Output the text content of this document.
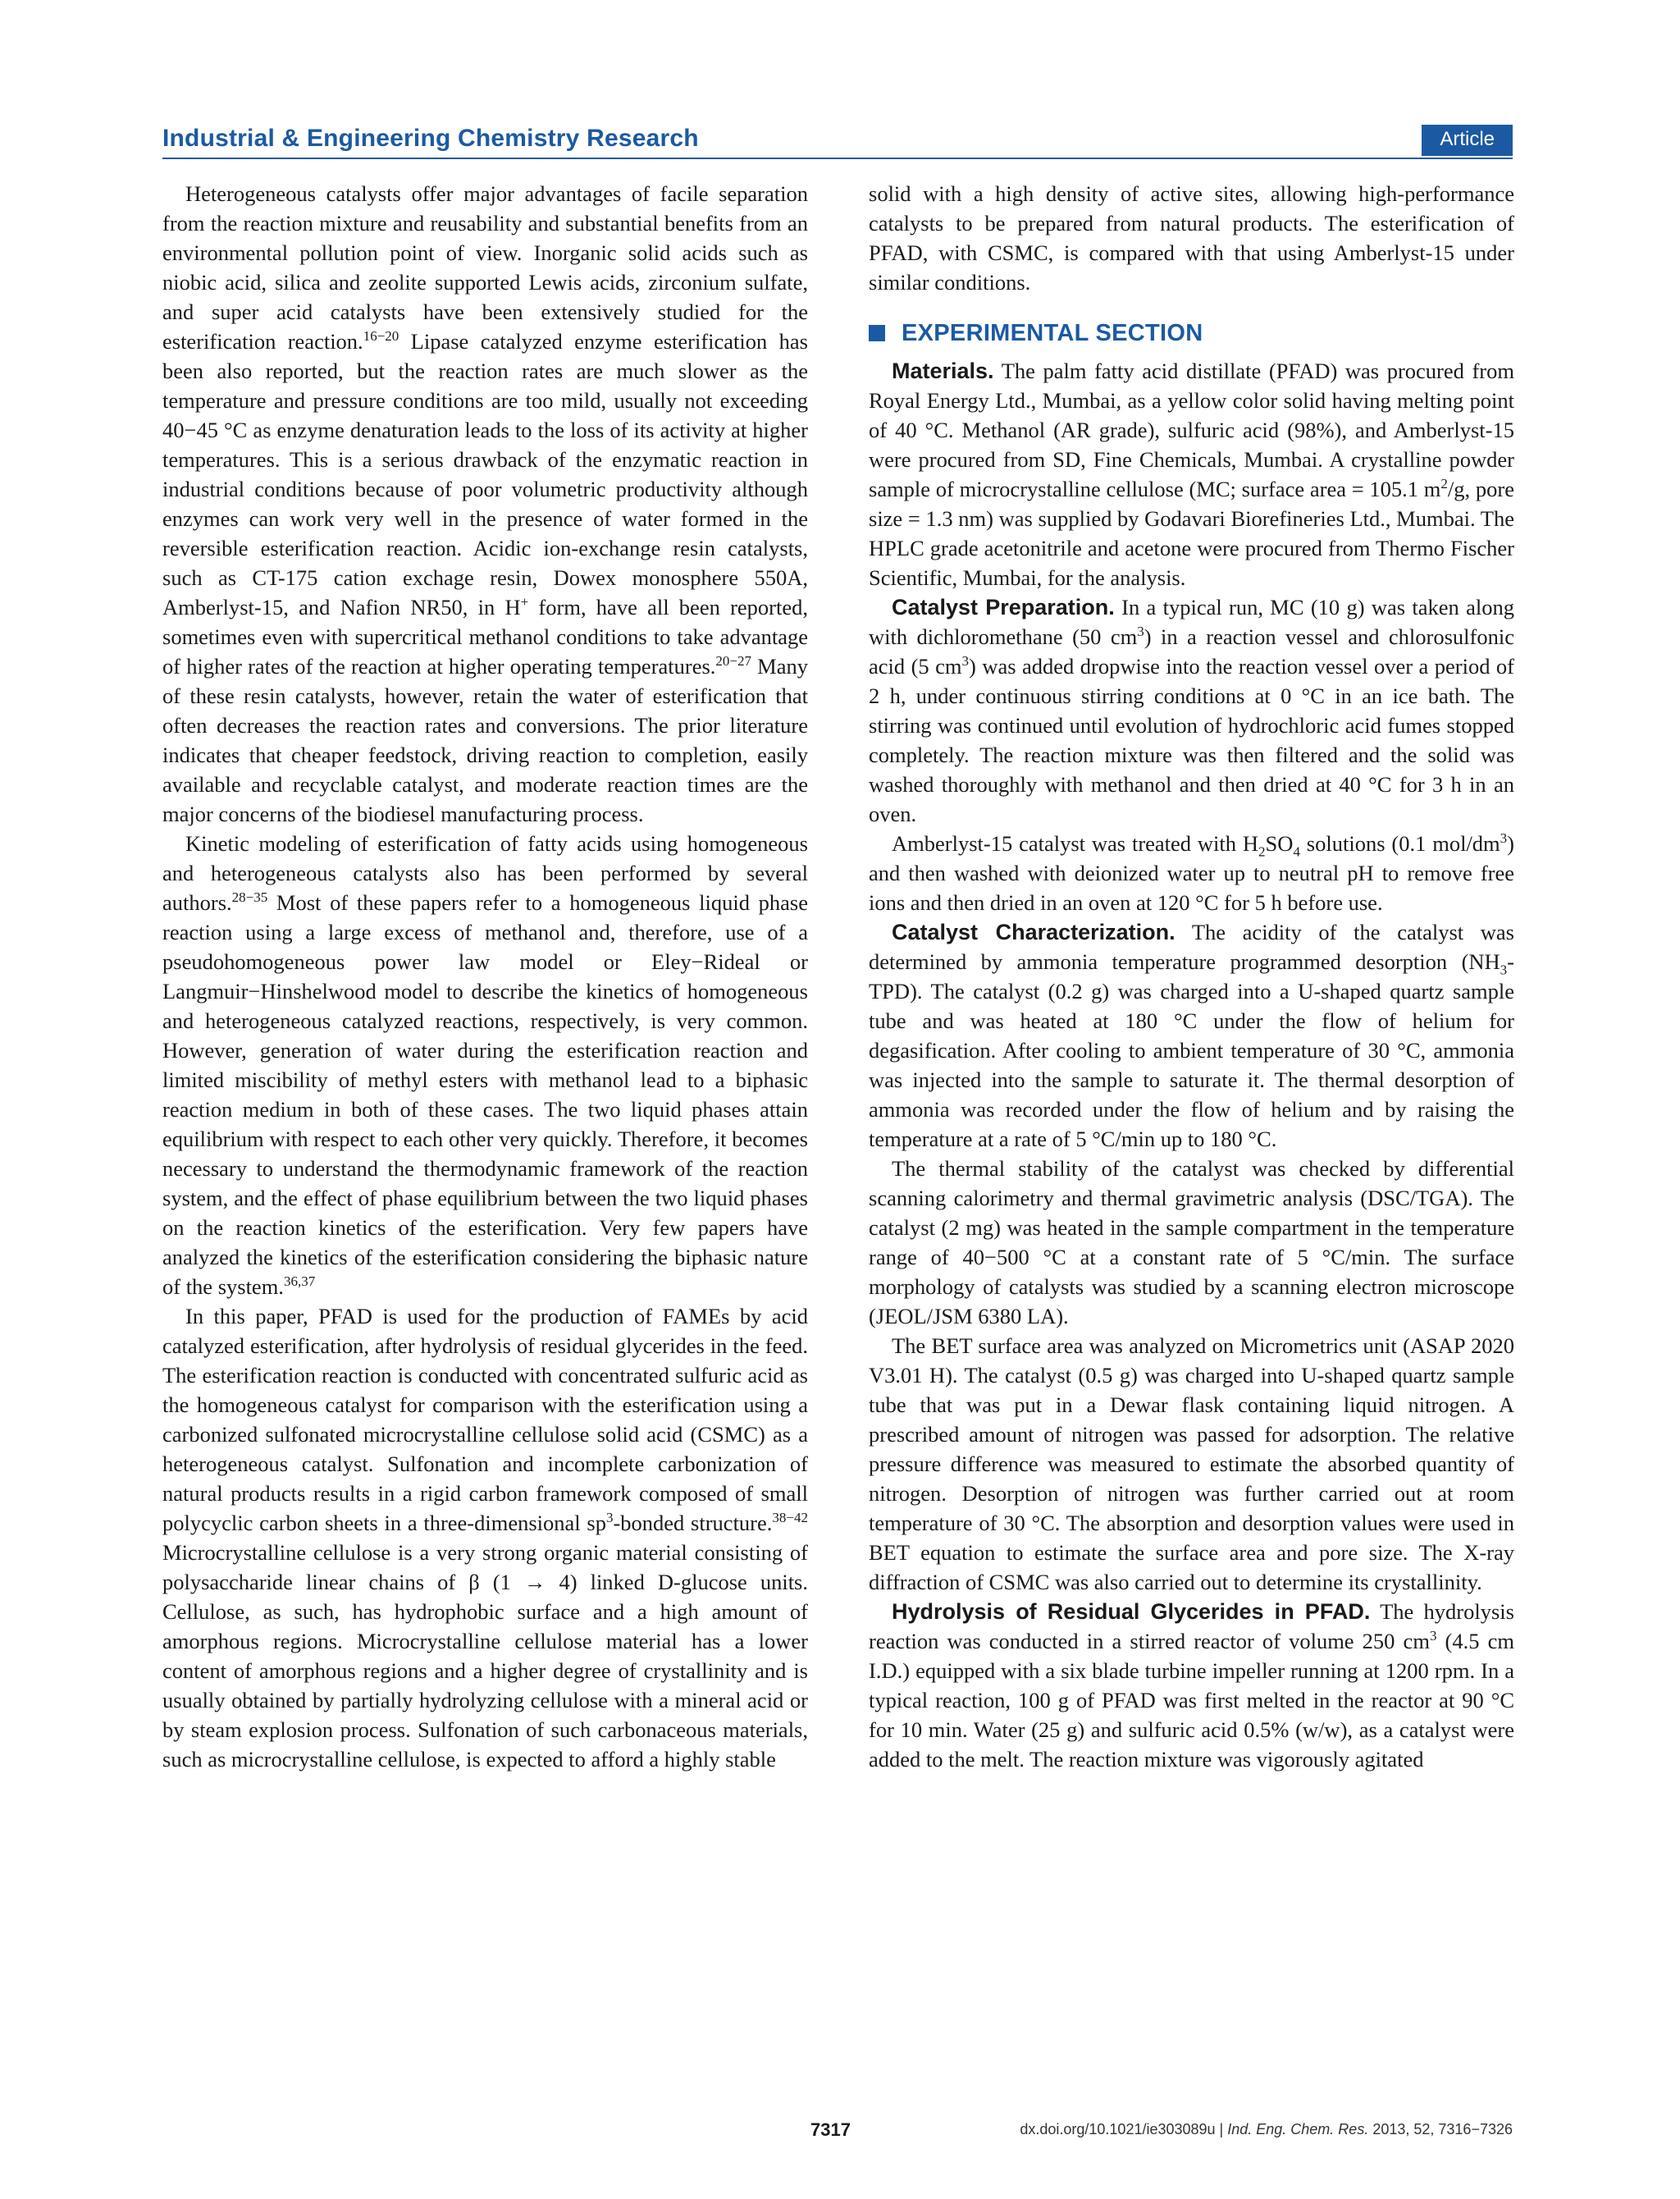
Industrial & Engineering Chemistry Research	Article

Heterogeneous catalysts offer major advantages of facile separation from the reaction mixture and reusability and substantial benefits from an environmental pollution point of view. Inorganic solid acids such as niobic acid, silica and zeolite supported Lewis acids, zirconium sulfate, and super acid catalysts have been extensively studied for the esterification reaction.$^{16-20}$ Lipase catalyzed enzyme esterification has been also reported, but the reaction rates are much slower as the temperature and pressure conditions are too mild, usually not exceeding 40−45 °C as enzyme denaturation leads to the loss of its activity at higher temperatures. This is a serious drawback of the enzymatic reaction in industrial conditions because of poor volumetric productivity although enzymes can work very well in the presence of water formed in the reversible esterification reaction. Acidic ion-exchange resin catalysts, such as CT-175 cation exchage resin, Dowex monosphere 550A, Amberlyst-15, and Nafion NR50, in H+ form, have all been reported, sometimes even with supercritical methanol conditions to take advantage of higher rates of the reaction at higher operating temperatures.$^{20-27}$ Many of these resin catalysts, however, retain the water of esterification that often decreases the reaction rates and conversions. The prior literature indicates that cheaper feedstock, driving reaction to completion, easily available and recyclable catalyst, and moderate reaction times are the major concerns of the biodiesel manufacturing process.

Kinetic modeling of esterification of fatty acids using homogeneous and heterogeneous catalysts also has been performed by several authors.$^{28-35}$ Most of these papers refer to a homogeneous liquid phase reaction using a large excess of methanol and, therefore, use of a pseudohomogeneous power law model or Eley−Rideal or Langmuir−Hinshelwood model to describe the kinetics of homogeneous and heterogeneous catalyzed reactions, respectively, is very common. However, generation of water during the esterification reaction and limited miscibility of methyl esters with methanol lead to a biphasic reaction medium in both of these cases. The two liquid phases attain equilibrium with respect to each other very quickly. Therefore, it becomes necessary to understand the thermodynamic framework of the reaction system, and the effect of phase equilibrium between the two liquid phases on the reaction kinetics of the esterification. Very few papers have analyzed the kinetics of the esterification considering the biphasic nature of the system.$^{36,37}$

In this paper, PFAD is used for the production of FAMEs by acid catalyzed esterification, after hydrolysis of residual glycerides in the feed. The esterification reaction is conducted with concentrated sulfuric acid as the homogeneous catalyst for comparison with the esterification using a carbonized sulfonated microcrystalline cellulose solid acid (CSMC) as a heterogeneous catalyst. Sulfonation and incomplete carbonization of natural products results in a rigid carbon framework composed of small polycyclic carbon sheets in a three-dimensional $sp^3$-bonded structure.$^{38-42}$ Microcrystalline cellulose is a very strong organic material consisting of polysaccharide linear chains of β (1 → 4) linked D-glucose units. Cellulose, as such, has hydrophobic surface and a high amount of amorphous regions. Microcrystalline cellulose material has a lower content of amorphous regions and a higher degree of crystallinity and is usually obtained by partially hydrolyzing cellulose with a mineral acid or by steam explosion process. Sulfonation of such carbonaceous materials, such as microcrystalline cellulose, is expected to afford a highly stable

solid with a high density of active sites, allowing high-performance catalysts to be prepared from natural products. The esterification of PFAD, with CSMC, is compared with that using Amberlyst-15 under similar conditions.

EXPERIMENTAL SECTION

Materials. The palm fatty acid distillate (PFAD) was procured from Royal Energy Ltd., Mumbai, as a yellow color solid having melting point of 40 °C. Methanol (AR grade), sulfuric acid (98%), and Amberlyst-15 were procured from SD, Fine Chemicals, Mumbai. A crystalline powder sample of microcrystalline cellulose (MC; surface area = 105.1 $m^2/g$, pore size = 1.3 nm) was supplied by Godavari Biorefineries Ltd., Mumbai. The HPLC grade acetonitrile and acetone were procured from Thermo Fischer Scientific, Mumbai, for the analysis.

Catalyst Preparation. In a typical run, MC (10 g) was taken along with dichloromethane (50 $cm^3$) in a reaction vessel and chlorosulfonic acid (5 $cm^3$) was added dropwise into the reaction vessel over a period of 2 h, under continuous stirring conditions at 0 °C in an ice bath. The stirring was continued until evolution of hydrochloric acid fumes stopped completely. The reaction mixture was then filtered and the solid was washed thoroughly with methanol and then dried at 40 °C for 3 h in an oven.

Amberlyst-15 catalyst was treated with $H_2SO_4$ solutions (0.1 mol/$dm^3$) and then washed with deionized water up to neutral pH to remove free ions and then dried in an oven at 120 °C for 5 h before use.

Catalyst Characterization. The acidity of the catalyst was determined by ammonia temperature programmed desorption $(NH_3-TPD)$. The catalyst (0.2 g) was charged into a U-shaped quartz sample tube and was heated at 180 °C under the flow of helium for degasification. After cooling to ambient temperature of 30 °C, ammonia was injected into the sample to saturate it. The thermal desorption of ammonia was recorded under the flow of helium and by raising the temperature at a rate of 5 °C/min up to 180 °C.

The thermal stability of the catalyst was checked by differential scanning calorimetry and thermal gravimetric analysis (DSC/TGA). The catalyst (2 mg) was heated in the sample compartment in the temperature range of 40−500 °C at a constant rate of 5 °C/min. The surface morphology of catalysts was studied by a scanning electron microscope (JEOL/JSM 6380 LA).

The BET surface area was analyzed on Micrometrics unit (ASAP 2020 V3.01 H). The catalyst (0.5 g) was charged into U-shaped quartz sample tube that was put in a Dewar flask containing liquid nitrogen. A prescribed amount of nitrogen was passed for adsorption. The relative pressure difference was measured to estimate the absorbed quantity of nitrogen. Desorption of nitrogen was further carried out at room temperature of 30 °C. The absorption and desorption values were used in BET equation to estimate the surface area and pore size. The X-ray diffraction of CSMC was also carried out to determine its crystallinity.

Hydrolysis of Residual Glycerides in PFAD. The hydrolysis reaction was conducted in a stirred reactor of volume 250 $cm^3$ (4.5 cm I.D.) equipped with a six blade turbine impeller running at 1200 rpm. In a typical reaction, 100 g of PFAD was first melted in the reactor at 90 °C for 10 min. Water (25 g) and sulfuric acid 0.5% (w/w), as a catalyst were added to the melt. The reaction mixture was vigorously agitated

7317	dx.doi.org/10.1021/ie303089u | Ind. Eng. Chem. Res. 2013, 52, 7316−7326
